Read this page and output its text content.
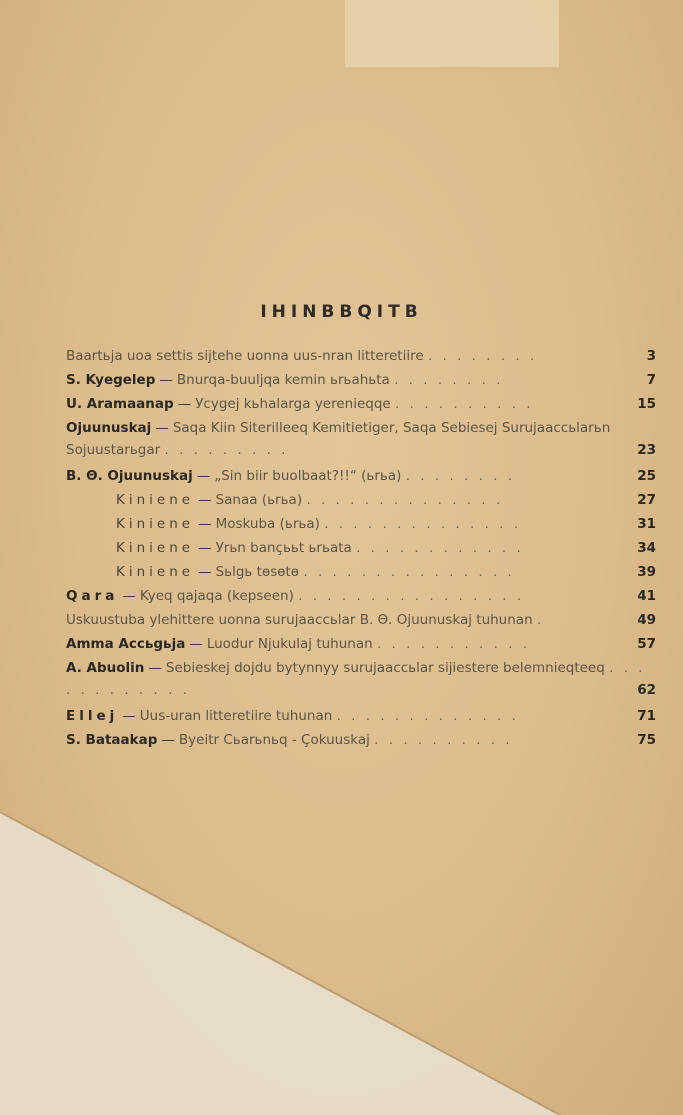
IHINBBQITB
Baartьja uoa settis sijtehe uonna uus-nran litteretiire . . . . . . . .	3
S. Kyegelep — Bnurqa-buuljqa kemin ьrьahьta . . . . . . . .	7
U. Aramaanap — Уcygej kьhalarga yerenieqqe . . . . . . . . . .	15
Ojuunuskaj — Saqa Kiin Siterilleeq Kemitietiger, Saqa Sebiesej Surujaaccьlarьn Sojuustarьgar . . . . . . . . .	23
B. Θ. Ojuunuskaj — „Sin biir buolbaat?!!“ (ьrьa) . . . . . . . .	25
Kiniene — Sanaa (ьrьa) . . . . . . . . . . . . . .	27
Kiniene — Moskuba (ьrьa) . . . . . . . . . . . . . .	31
Kiniene — Уrьn bançььt ьrьata . . . . . . . . . . . .	34
Kiniene — Sьlgь tөsөtө . . . . . . . . . . . . . . .	39
Qara — Kyeq qajaqa (kepseen) . . . . . . . . . . . . . . . .	41
Uskuustuba ylehittere uonna surujaaccьlar B. Θ. Ojuunuskaj tuhunan .	49
Amma Accьgьja — Luodur Njukulaj tuhunan . . . . . . . . . . .	57
A. Abuolin — Sebieskej dojdu bytynnyy surujaaccьlar sijiestere belemnieqteeq . . . . . . . . . . . .	62
Ellej — Uus-uran litteretiire tuhunan . . . . . . . . . . . . .	71
S. Bataakap — Byeitr Cьarьnьq - Çokuuskaj . . . . . . . . . .	75
